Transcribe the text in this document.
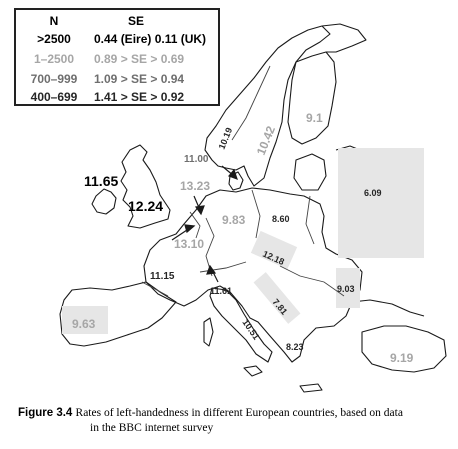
11.65
12.24
13.23
13.10
9.83
11.00
10.19 10.42
9.1
6.09
8.60
12.18
11.15
11.61	9.03
7.81
10.51
8.23
9.63
9.19
N	SE
>2500	0.44 (Eire) 0.11 (UK)
1–2500	0.89 > SE > 0.69
700–999	1.09 > SE > 0.94
400–699	1.41 > SE > 0.92
Figure 3.4 Rates of left-handedness in different European countries, based on data
in the BBC internet survey
